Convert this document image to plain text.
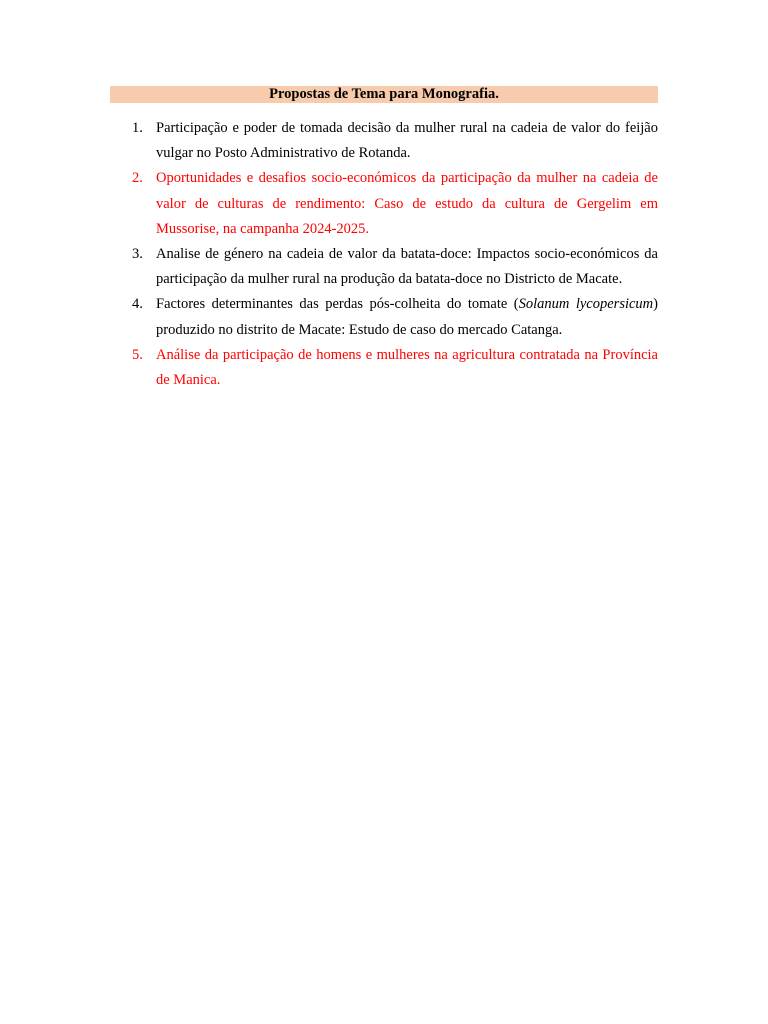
Propostas de Tema para Monografia.
1. Participação e poder de tomada decisão da mulher rural na cadeia de valor do feijão vulgar no Posto Administrativo de Rotanda.
2. Oportunidades e desafios socio-económicos da participação da mulher na cadeia de valor de culturas de rendimento: Caso de estudo da cultura de Gergelim em Mussorise, na campanha 2024-2025.
3. Analise de género na cadeia de valor da batata-doce: Impactos socio-económicos da participação da mulher rural na produção da batata-doce no Districto de Macate.
4. Factores determinantes das perdas pós-colheita do tomate (Solanum lycopersicum) produzido no distrito de Macate: Estudo de caso do mercado Catanga.
5. Análise da participação de homens e mulheres na agricultura contratada na Província de Manica.
